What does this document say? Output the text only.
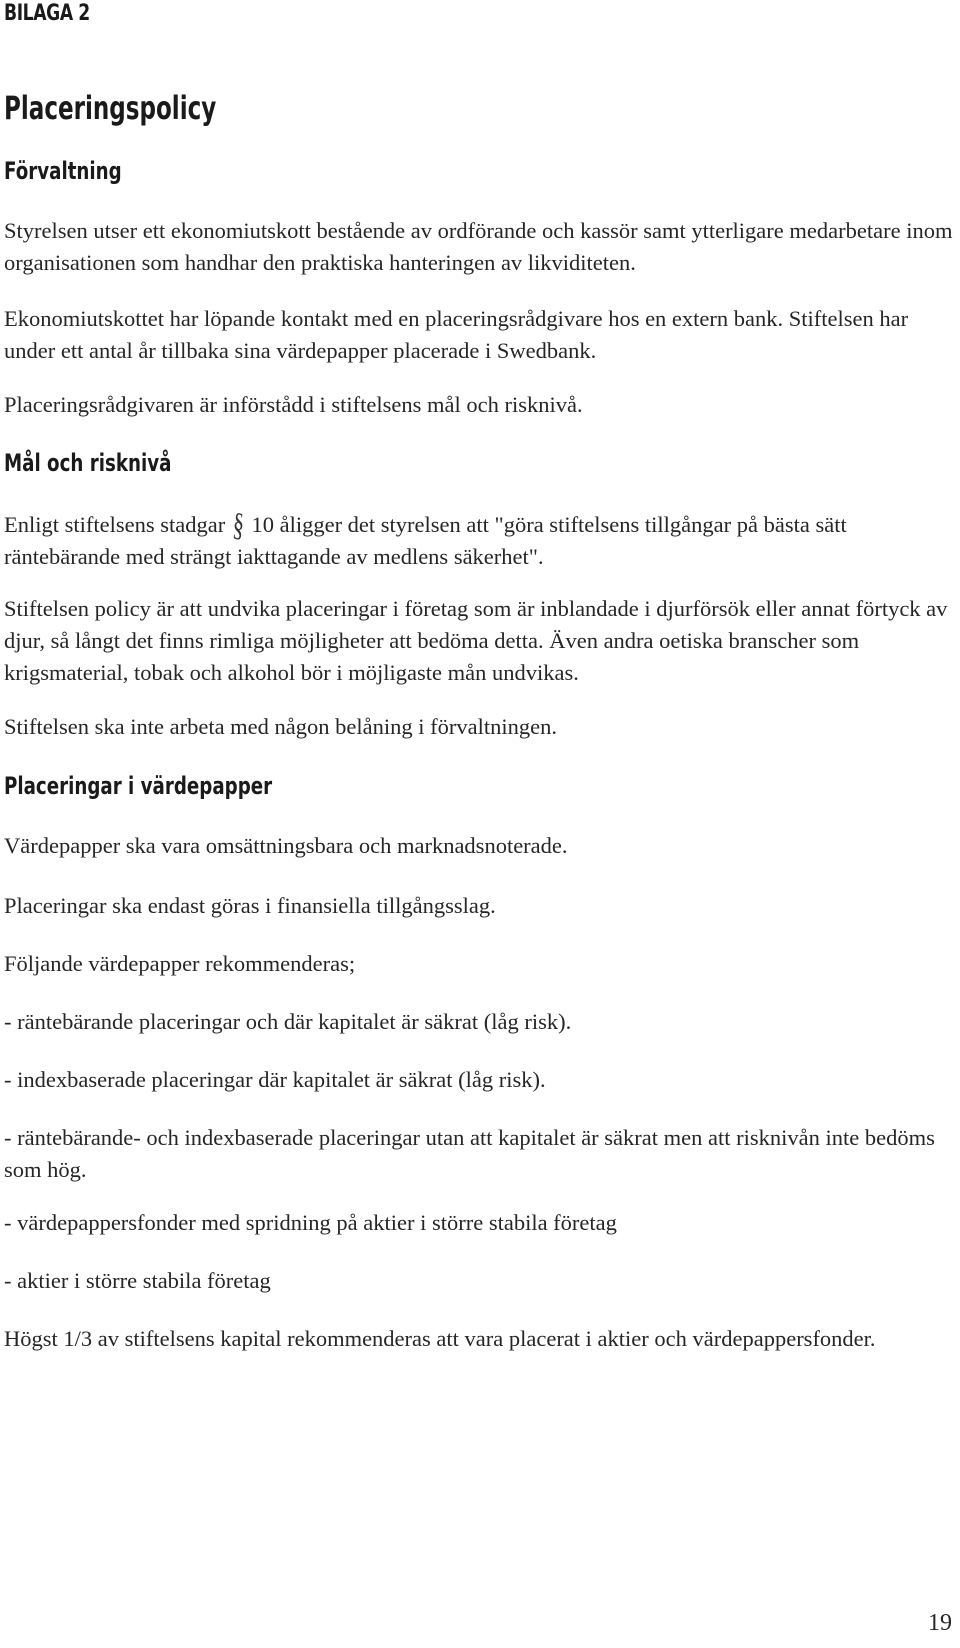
BILAGA 2
Placeringspolicy
Förvaltning

Styrelsen utser ett ekonomiutskott bestående av ordförande och kassör samt ytterligare medarbetare inom organisationen som handhar den praktiska hanteringen av likviditeten.

Ekonomiutskottet har löpande kontakt med en placeringsrådgivare hos en extern bank. Stiftelsen har under ett antal år tillbaka sina värdepapper placerade i Swedbank.

Placeringsrådgivaren är införstådd i stiftelsens mål och risknivå.

Mål och risknivå

Enligt stiftelsens stadgar § 10 åligger det styrelsen att "göra stiftelsens tillgångar på bästa sätt räntebärande med strängt iakttagande av medlens säkerhet".

Stiftelsen policy är att undvika placeringar i företag som är inblandade i djurförsök eller annat förtyck av djur, så långt det finns rimliga möjligheter att bedöma detta. Även andra oetiska branscher som krigsmaterial, tobak och alkohol bör i möjligaste mån undvikas.

Stiftelsen ska inte arbeta med någon belåning i förvaltningen.

Placeringar i värdepapper

Värdepapper ska vara omsättningsbara och marknadsnoterade.

Placeringar ska endast göras i finansiella tillgångsslag.

Följande värdepapper rekommenderas;

- räntebärande placeringar och där kapitalet är säkrat (låg risk).

- indexbaserade placeringar där kapitalet är säkrat (låg risk).

- räntebärande- och indexbaserade placeringar utan att kapitalet är säkrat men att risknivån inte bedöms som hög.

- värdepappersfonder med spridning på aktier i större stabila företag

- aktier i större stabila företag

Högst 1/3 av stiftelsens kapital rekommenderas att vara placerat i aktier och värdepappersfonder.

19
